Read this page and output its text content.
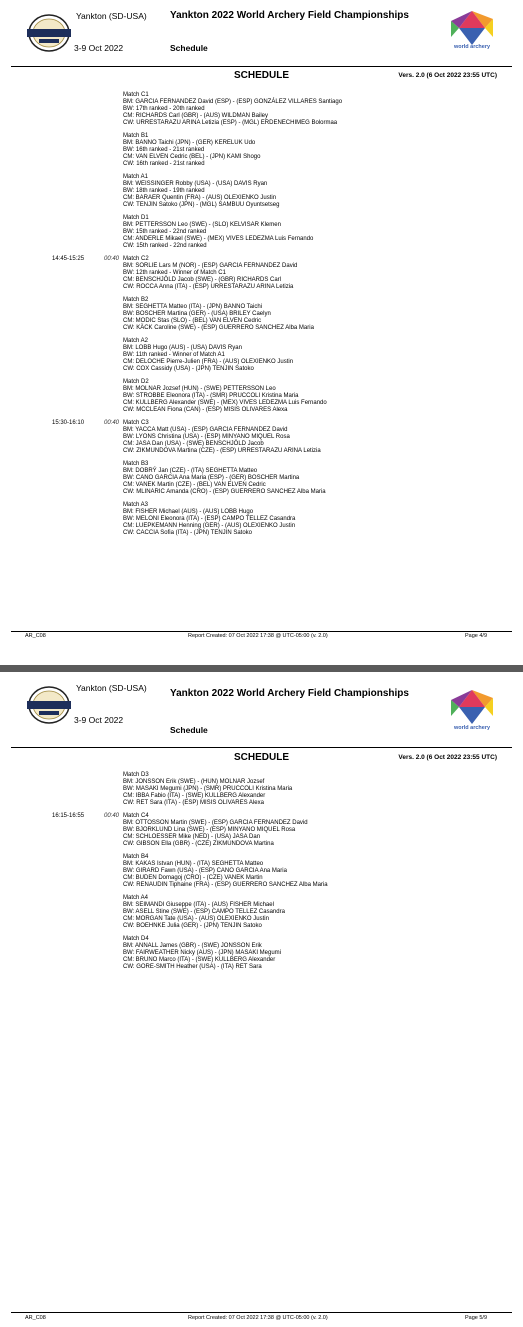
Yankton (SD-USA)
3-9 Oct 2022
Yankton 2022 World Archery Field Championships
Schedule	world archery
SCHEDULE	Vers. 2.0 (6 Oct 2022 23:55 UTC)
Match C1
BM: GARCIA FERNANDEZ David (ESP) - (ESP) GONZÁLEZ VILLARES Santiago
BW: 17th ranked - 20th ranked
CM: RICHARDS Carl (GBR) - (AUS) WILDMAN Bailey
CW: URRESTARAZU ARINA Letizia (ESP) - (MGL) ERDENECHIMEG Bolormaa
Match B1
BM: BANNO Taichi (JPN) - (GER) KERELUK Udo
BW: 16th ranked - 21st ranked
CM: VAN ELVEN Cedric (BEL) - (JPN) KAMI Shogo
CW: 16th ranked - 21st ranked
Match A1
BM: WEISSINGER Robby (USA) - (USA) DAVIS Ryan
BW: 18th ranked - 19th ranked
CM: BARAER Quentin (FRA) - (AUS) OLEXIENKO Justin
CW: TENJIN Satoko (JPN) - (MGL) SAMBUU Oyuntsetseg
Match D1
BM: PETTERSSON Leo (SWE) - (SLO) KELVISAR Klemen
BW: 15th ranked - 22nd ranked
CM: ANDERLE Mikael (SWE) - (MEX) VIVES LEDEZMA Luis Fernando
CW: 15th ranked - 22nd ranked
14:45-15:25	00:40 Match C2
BM: SORLIE Lars M (NOR) - (ESP) GARCIA FERNANDEZ David
BW: 12th ranked - Winner of Match C1
CM: BENSCHJÖLD Jacob (SWE) - (GBR) RICHARDS Carl
CW: ROCCA Anna (ITA) - (ESP) URRESTARAZU ARINA Letizia
Match B2
BM: SEGHETTA Matteo (ITA) - (JPN) BANNO Taichi
BW: BOSCHER Martina (GER) - (USA) BRILEY Caelyn
CM: MODIC Stas (SLO) - (BEL) VAN ELVEN Cedric
CW: KÄCK Caroline (SWE) - (ESP) GUERRERO SANCHEZ Alba Maria
Match A2
BM: LOBB Hugo (AUS) - (USA) DAVIS Ryan
BW: 11th ranked - Winner of Match A1
CM: DELOCHE Pierre-Julien (FRA) - (AUS) OLEXIENKO Justin
CW: COX Cassidy (USA) - (JPN) TENJIN Satoko
Match D2
BM: MOLNAR Jozsef (HUN) - (SWE) PETTERSSON Leo
BW: STROBBE Eleonora (ITA) - (SMR) PRUCCOLI Kristina Maria
CM: KULLBERG Alexander (SWE) - (MEX) VIVES LEDEZMA Luis Fernando
CW: MCCLEAN Fiona (CAN) - (ESP) MISIS OLIVARES Alexa
15:30-16:10	00:40 Match C3
BM: YACCA Matt (USA) - (ESP) GARCIA FERNANDEZ David
BW: LYONS Christina (USA) - (ESP) MINYANO MIQUEL Rosa
CM: JASA Dan (USA) - (SWE) BENSCHJÖLD Jacob
CW: ZIKMUNDOVA Martina (CZE) - (ESP) URRESTARAZU ARINA Letizia
Match B3
BM: DOBRÝ Jan (CZE) - (ITA) SEGHETTA Matteo
BW: CANO GARCIA Ana Maria (ESP) - (GER) BOSCHER Martina
CM: VANEK Martin (CZE) - (BEL) VAN ELVEN Cedric
CW: MLINARIC Amanda (CRO) - (ESP) GUERRERO SANCHEZ Alba Maria
Match A3
BM: FISHER Michael (AUS) - (AUS) LOBB Hugo
BW: MELONI Eleonora (ITA) - (ESP) CAMPO TELLEZ Casandra
CM: LUEPKEMANN Henning (GER) - (AUS) OLEXIENKO Justin
CW: CACCIA Sofia (ITA) - (JPN) TENJIN Satoko
AR_C08	Report Created: 07 Oct 2022 17:38 @ UTC-05:00 (v. 2.0)	Page 4/9
Yankton (SD-USA)
3-9 Oct 2022
Yankton 2022 World Archery Field Championships
Schedule	world archery
SCHEDULE	Vers. 2.0 (6 Oct 2022 23:55 UTC)
Match D3
BM: JONSSON Erik (SWE) - (HUN) MOLNAR Jozsef
BW: MASAKI Megumi (JPN) - (SMR) PRUCCOLI Kristina Maria
CM: IBBA Fabio (ITA) - (SWE) KULLBERG Alexander
CW: RET Sara (ITA) - (ESP) MISIS OLIVARES Alexa
16:15-16:55	00:40 Match C4
BM: OTTOSSON Martin (SWE) - (ESP) GARCIA FERNANDEZ David
BW: BJORKLUND Lina (SWE) - (ESP) MINYANO MIQUEL Rosa
CM: SCHLOESSER Mike (NED) - (USA) JASA Dan
CW: GIBSON Ella (GBR) - (CZE) ZIKMUNDOVA Martina
Match B4
BM: KAKAS Istvan (HUN) - (ITA) SEGHETTA Matteo
BW: GIRARD Fawn (USA) - (ESP) CANO GARCIA Ana Maria
CM: BUDEN Domagoj (CRO) - (CZE) VANEK Martin
CW: RENAUDIN Tiphaine (FRA) - (ESP) GUERRERO SANCHEZ Alba Maria
Match A4
BM: SEIMANDI Giuseppe (ITA) - (AUS) FISHER Michael
BW: ASELL Stine (SWE) - (ESP) CAMPO TELLEZ Casandra
CM: MORGAN Tate (USA) - (AUS) OLEXIENKO Justin
CW: BOEHNKE Julia (GER) - (JPN) TENJIN Satoko
Match D4
BM: ANNALL James (GBR) - (SWE) JONSSON Erik
BW: FAIRWEATHER Nicky (AUS) - (JPN) MASAKI Megumi
CM: BRUNO Marco (ITA) - (SWE) KULLBERG Alexander
CW: GORE-SMITH Heather (USA) - (ITA) RET Sara
AR_C08	Report Created: 07 Oct 2022 17:38 @ UTC-05:00 (v. 2.0)	Page 5/9
